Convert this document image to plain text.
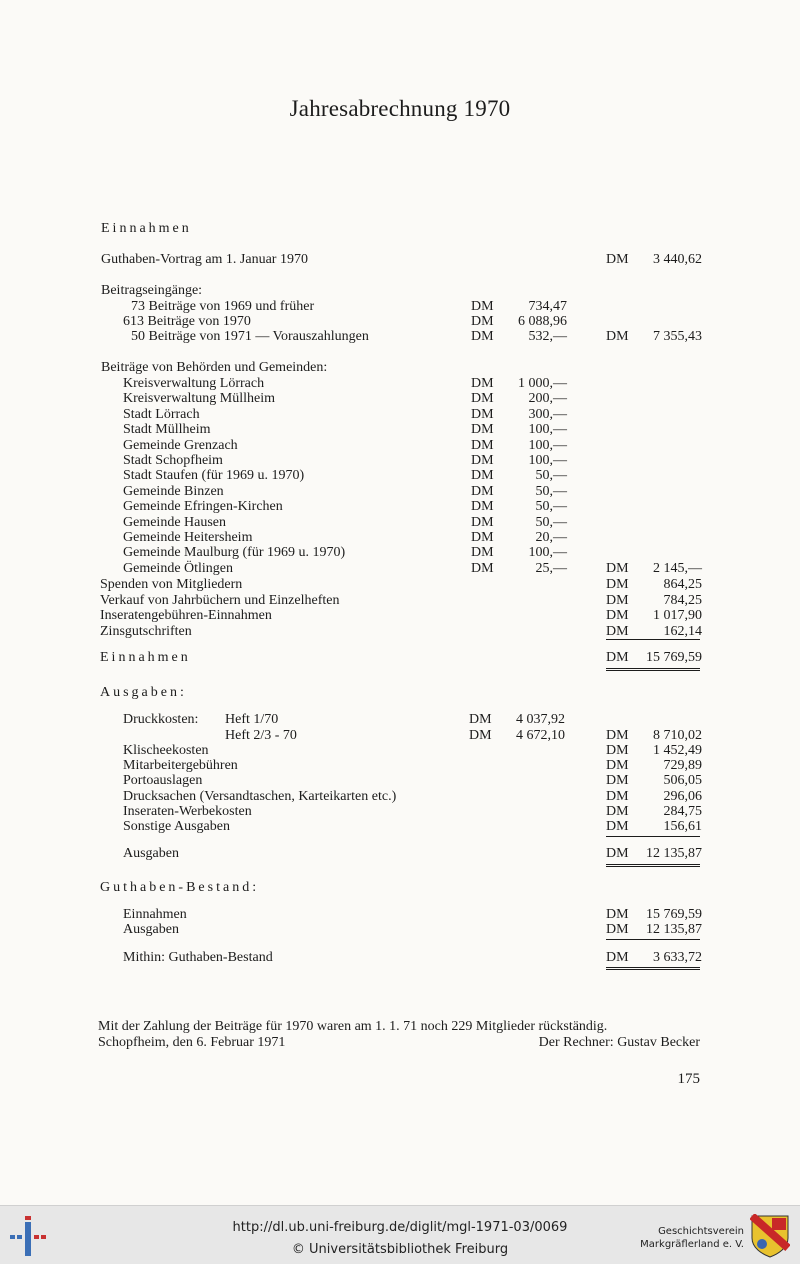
Jahresabrechnung 1970
Einnahmen
Guthaben-Vortrag am 1. Januar 1970	DM	3 440,62
Beitragseingänge:
73 Beiträge von 1969 und früher	DM	734,47
613 Beiträge von 1970	DM	6 088,96
50 Beiträge von 1971 — Vorauszahlungen	DM	532,—	DM	7 355,43
Beiträge von Behörden und Gemeinden:
Kreisverwaltung Lörrach	DM	1 000,—
Kreisverwaltung Müllheim	DM	200,—
Stadt Lörrach	DM	300,—
Stadt Müllheim	DM	100,—
Gemeinde Grenzach	DM	100,—
Stadt Schopfheim	DM	100,—
Stadt Staufen (für 1969 u. 1970)	DM	50,—
Gemeinde Binzen	DM	50,—
Gemeinde Efringen-Kirchen	DM	50,—
Gemeinde Hausen	DM	50,—
Gemeinde Heitersheim	DM	20,—
Gemeinde Maulburg (für 1969 u. 1970)	DM	100,—
Gemeinde Ötlingen	DM	25,—	DM	2 145,—
Spenden von Mitgliedern	DM	864,25
Verkauf von Jahrbüchern und Einzelheften	DM	784,25
Inseratengebühren-Einnahmen	DM	1 017,90
Zinsgutschriften	DM	162,14
Einnahmen	DM	15 769,59
Ausgaben:
Druckkosten: Heft 1/70	DM	4 037,92
Heft 2/3 - 70	DM	4 672,10	DM	8 710,02
Klischeekosten	DM	1 452,49
Mitarbeitergebühren	DM	729,89
Portoauslagen	DM	506,05
Drucksachen (Versandtaschen, Karteikarten etc.)	DM	296,06
Inseraten-Werbekosten	DM	284,75
Sonstige Ausgaben	DM	156,61
Ausgaben	DM	12 135,87
Guthaben-Bestand:
Einnahmen	DM	15 769,59
Ausgaben	DM	12 135,87
Mithin: Guthaben-Bestand	DM	3 633,72
Mit der Zahlung der Beiträge für 1970 waren am 1. 1. 71 noch 229 Mitglieder rückständig.
Schopfheim, den 6. Februar 1971	Der Rechner: Gustav Becker
175
http://dl.ub.uni-freiburg.de/diglit/mgl-1971-03/0069
© Universitätsbibliothek Freiburg
Geschichtsverein
Markgräflerland e. V.
